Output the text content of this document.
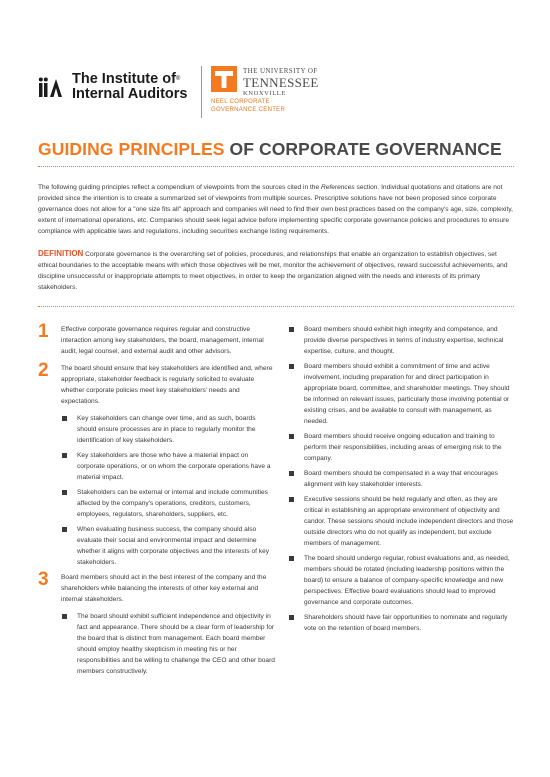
The Institute of®
Internal Auditors
THE UNIVERSITY OF
TENNESSEE
KNOXVILLE
NEEL CORPORATE
GOVERNANCE CENTER
GUIDING PRINCIPLES OF CORPORATE GOVERNANCE

The following guiding principles reflect a compendium of viewpoints from the sources cited in the References section. Individual quotations and citations are not provided since the intention is to create a summarized set of viewpoints from multiple sources. Prescriptive solutions have not been proposed since corporate governance does not allow for a "one size fits all" approach and companies will need to find their own best practices based on the company's age, size, complexity, extent of international operations, etc. Companies should seek legal advice before implementing specific corporate governance policies and procedures to ensure compliance with applicable laws and regulations, including securities exchange listing requirements.

DEFINITION Corporate governance is the overarching set of policies, procedures, and relationships that enable an organization to establish objectives, set ethical boundaries to the acceptable means with which those objectives will be met, monitor the achievement of objectives, reward successful achievements, and discipline unsuccessful or inappropriate attempts to meet objectives, in order to keep the organization aligned with the needs and interests of its primary stakeholders.

1 Effective corporate governance requires regular and constructive interaction among key stakeholders, the board, management, internal audit, legal counsel, and external audit and other advisors.

2 The board should ensure that key stakeholders are identified and, where appropriate, stakeholder feedback is regularly solicited to evaluate whether corporate policies meet key stakeholders' needs and expectations.

Key stakeholders can change over time, and as such, boards should ensure processes are in place to regularly monitor the identification of key stakeholders.
Key stakeholders are those who have a material impact on corporate operations, or on whom the corporate operations have a material impact.
Stakeholders can be external or internal and include communities affected by the company's operations, creditors, customers, employees, regulators, shareholders, suppliers, etc.
When evaluating business success, the company should also evaluate their social and environmental impact and determine whether it aligns with corporate objectives and the interests of key stakeholders.
3 Board members should act in the best interest of the company and the shareholders while balancing the interests of other key external and internal stakeholders.

The board should exhibit sufficient independence and objectivity in fact and appearance. There should be a clear form of leadership for the board that is distinct from management. Each board member should employ healthy skepticism in meeting his or her responsibilities and be willing to challenge the CEO and other board members constructively.
Board members should exhibit high integrity and competence, and provide diverse perspectives in terms of industry expertise, technical expertise, culture, and thought.
Board members should exhibit a commitment of time and active involvement, including preparation for and direct participation in appropriate board, committee, and shareholder meetings. They should be informed on relevant issues, particularly those involving potential or existing crises, and be available to consult with management, as needed.
Board members should receive ongoing education and training to perform their responsibilities, including areas of emerging risk to the company.
Board members should be compensated in a way that encourages alignment with key stakeholder interests.
Executive sessions should be held regularly and often, as they are critical in establishing an appropriate environment of objectivity and candor. These sessions should include independent directors and those outside directors who do not qualify as independent, but exclude members of management.
The board should undergo regular, robust evaluations and, as needed, members should be rotated (including leadership positions within the board) to ensure a balance of company-specific knowledge and new perspectives. Effective board evaluations should lead to improved governance and corporate outcomes.
Shareholders should have fair opportunities to nominate and regularly vote on the retention of board members.
